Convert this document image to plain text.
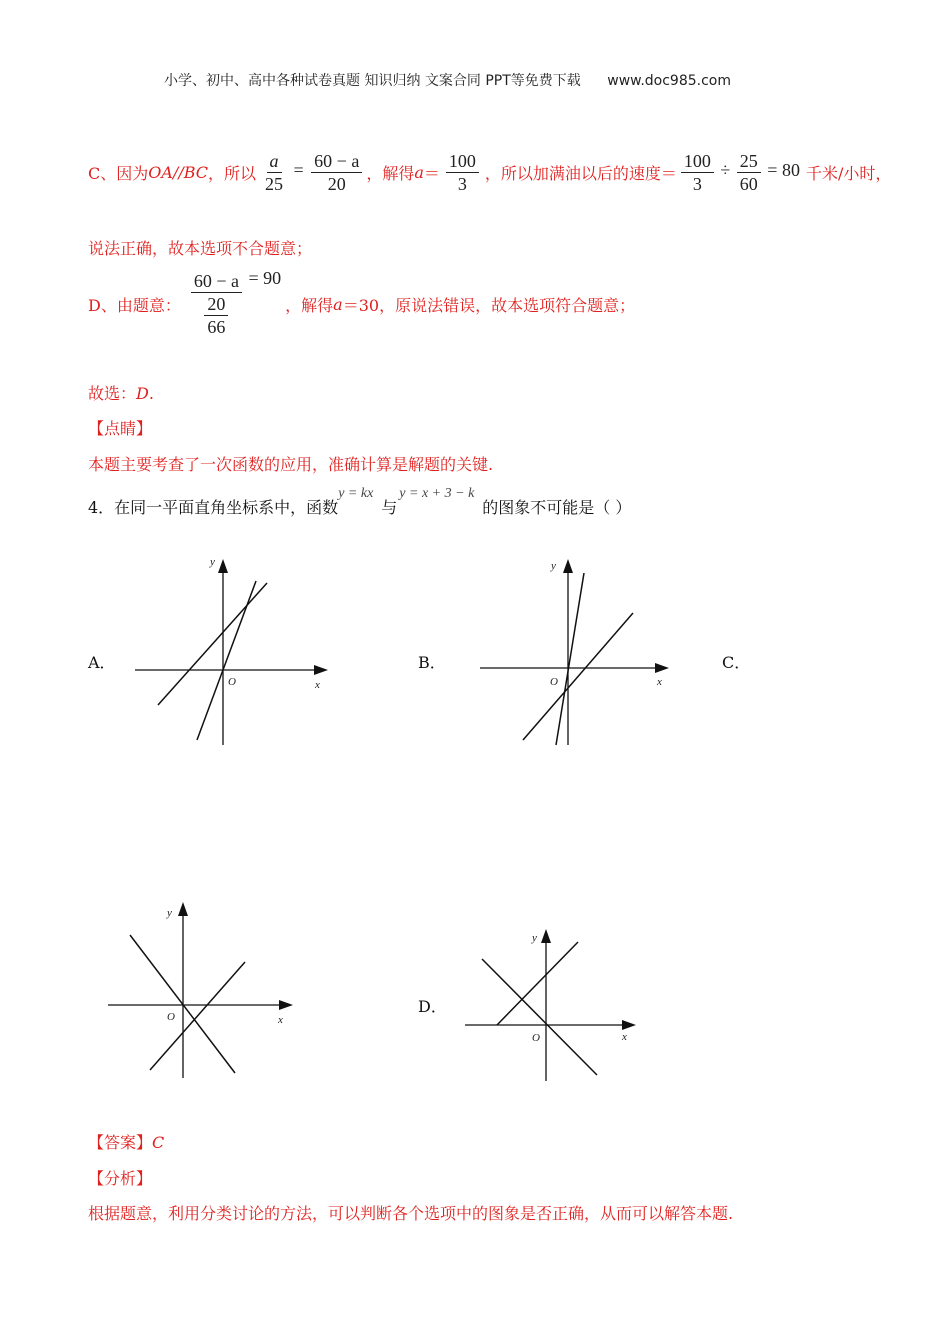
小学、初中、高中各种试卷真题 知识归纳 文案合同 PPT等免费下载 www.doc985.com
C、因为 OA // BC ，所以 $\frac{a}{25} = \frac{60 - a}{20}$ ，解得 $a = \frac{100}{3}$ ，所以加满油以后的速度＝ $\frac{100}{3} \div \frac{25}{60} = 80$ 千米/小时，
说法正确，故本选项不合题意；
D、由题意： 60 − a
20
66 = 90
，解得 a ＝30，原说法错误，故本选项符合题意；
故选：D.
【点睛】
本题主要考查了一次函数的应用，准确计算是解题的关键.
4．在同一平面直角坐标系中，函数
y = kx
与
y = x + 3 − k
的图象不可能是（ ）
A．	B．	C．
D．
y
O	x
y
O	x
y
O	x
y
O	x
【答案】C
【分析】
根据题意，利用分类讨论的方法，可以判断各个选项中的图象是否正确，从而可以解答本题.
